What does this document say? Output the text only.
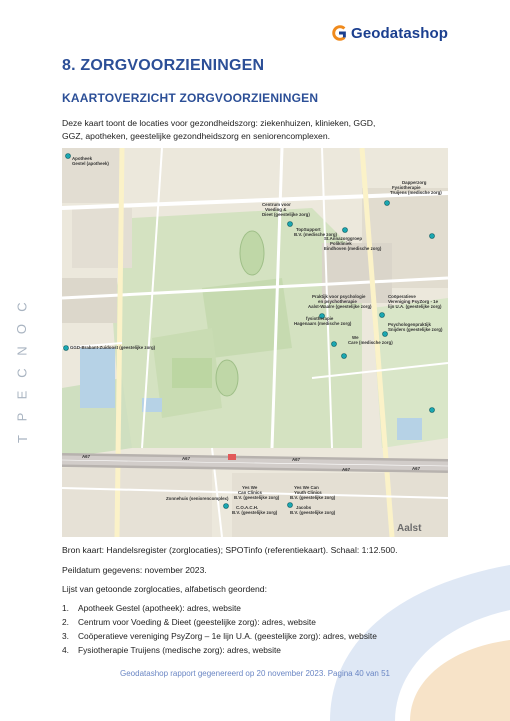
Geodatashop
C
O
N
C
E
P
T
8. ZORGVOORZIENINGEN
KAARTOVERZICHT ZORGVOORZIENINGEN

Deze kaart toont de locaties voor gezondheidszorg: ziekenhuizen, klinieken, GGD,
GGZ, apotheken, geestelijke gezondheidszorg en seniorencomplexen.

A67	A67	A67
A67	A67
Apotheek Gestel (apotheek)
Centrum voor Voeding & Dieet (geestelijke zorg)
Dapperzorg Fysiotherapie Truijens (medische zorg)
TopSupport B.V. (medische zorg)
St.Annazorggroep Polikliniek Eindhoven (medische zorg)
Praktijk voor psychologie en psychotherapie Aalst-Waalre (geestelijke zorg)
Coöperatieve Vereniging PsyZorg - 1e lijn U.A. (geestelijke zorg)
fysiotherapie Hagenaars (medische zorg)	Psychologenpraktijk Snijders (geestelijke zorg)
We Care (medische zorg)
GGD-Brabant-Zuidoost (geestelijke zorg)
Yes We Can Clinics B.V. (geestelijke zorg)
Yes We Can Youth Clinics B.V. (geestelijke zorg)
Zonnehuis (seniorencomplex)
C.O.A.C.H. B.V. (geestelijke zorg)
Jacobs B.V. (geestelijke zorg)
Aalst

Bron kaart: Handelsregister (zorglocaties); SPOTinfo (referentiekaart). Schaal: 1:12.500.

Peildatum gegevens: november 2023.

Lijst van getoonde zorglocaties, alfabetisch geordend:

1. Apotheek Gestel (apotheek): adres, website
2. Centrum voor Voeding & Dieet (geestelijke zorg): adres, website
3. Coöperatieve vereniging PsyZorg – 1e lijn U.A. (geestelijke zorg): adres, website
4. Fysiotherapie Truijens (medische zorg): adres, website
Geodatashop rapport gegenereerd op 20 november 2023. Pagina 40 van 51
